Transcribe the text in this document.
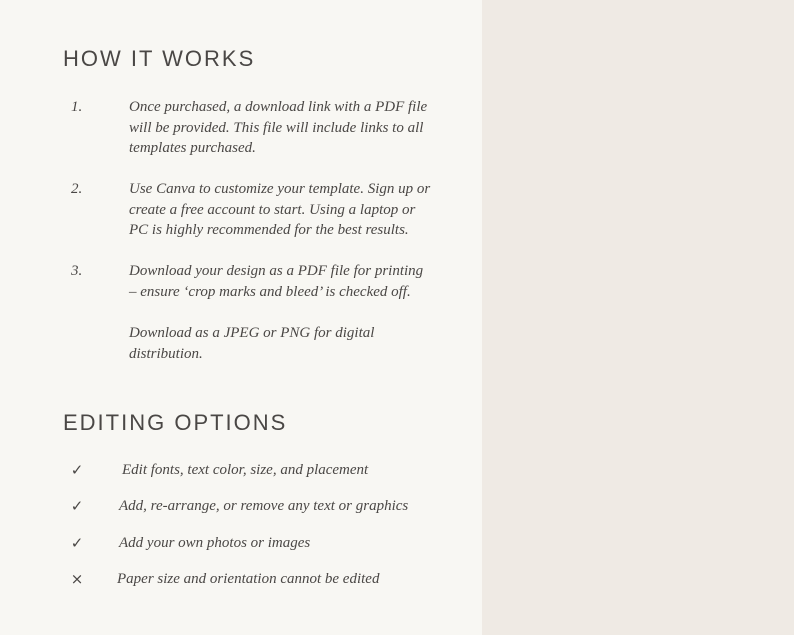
HOW IT WORKS
1.	Once purchased, a download link with a PDF file will be provided. This file will include links to all templates purchased.
2.	Use Canva to customize your template. Sign up or create a free account to start. Using a laptop or PC is highly recommended for the best results.
3.	Download your design as a PDF file for printing – ensure ‘crop marks and bleed’ is checked off.
Download as a JPEG or PNG for digital distribution.
EDITING OPTIONS
✓	Edit fonts, text color, size, and placement
✓ Add, re-arrange, or remove any text or graphics
✓ Add your own photos or images
× Paper size and orientation cannot be edited
